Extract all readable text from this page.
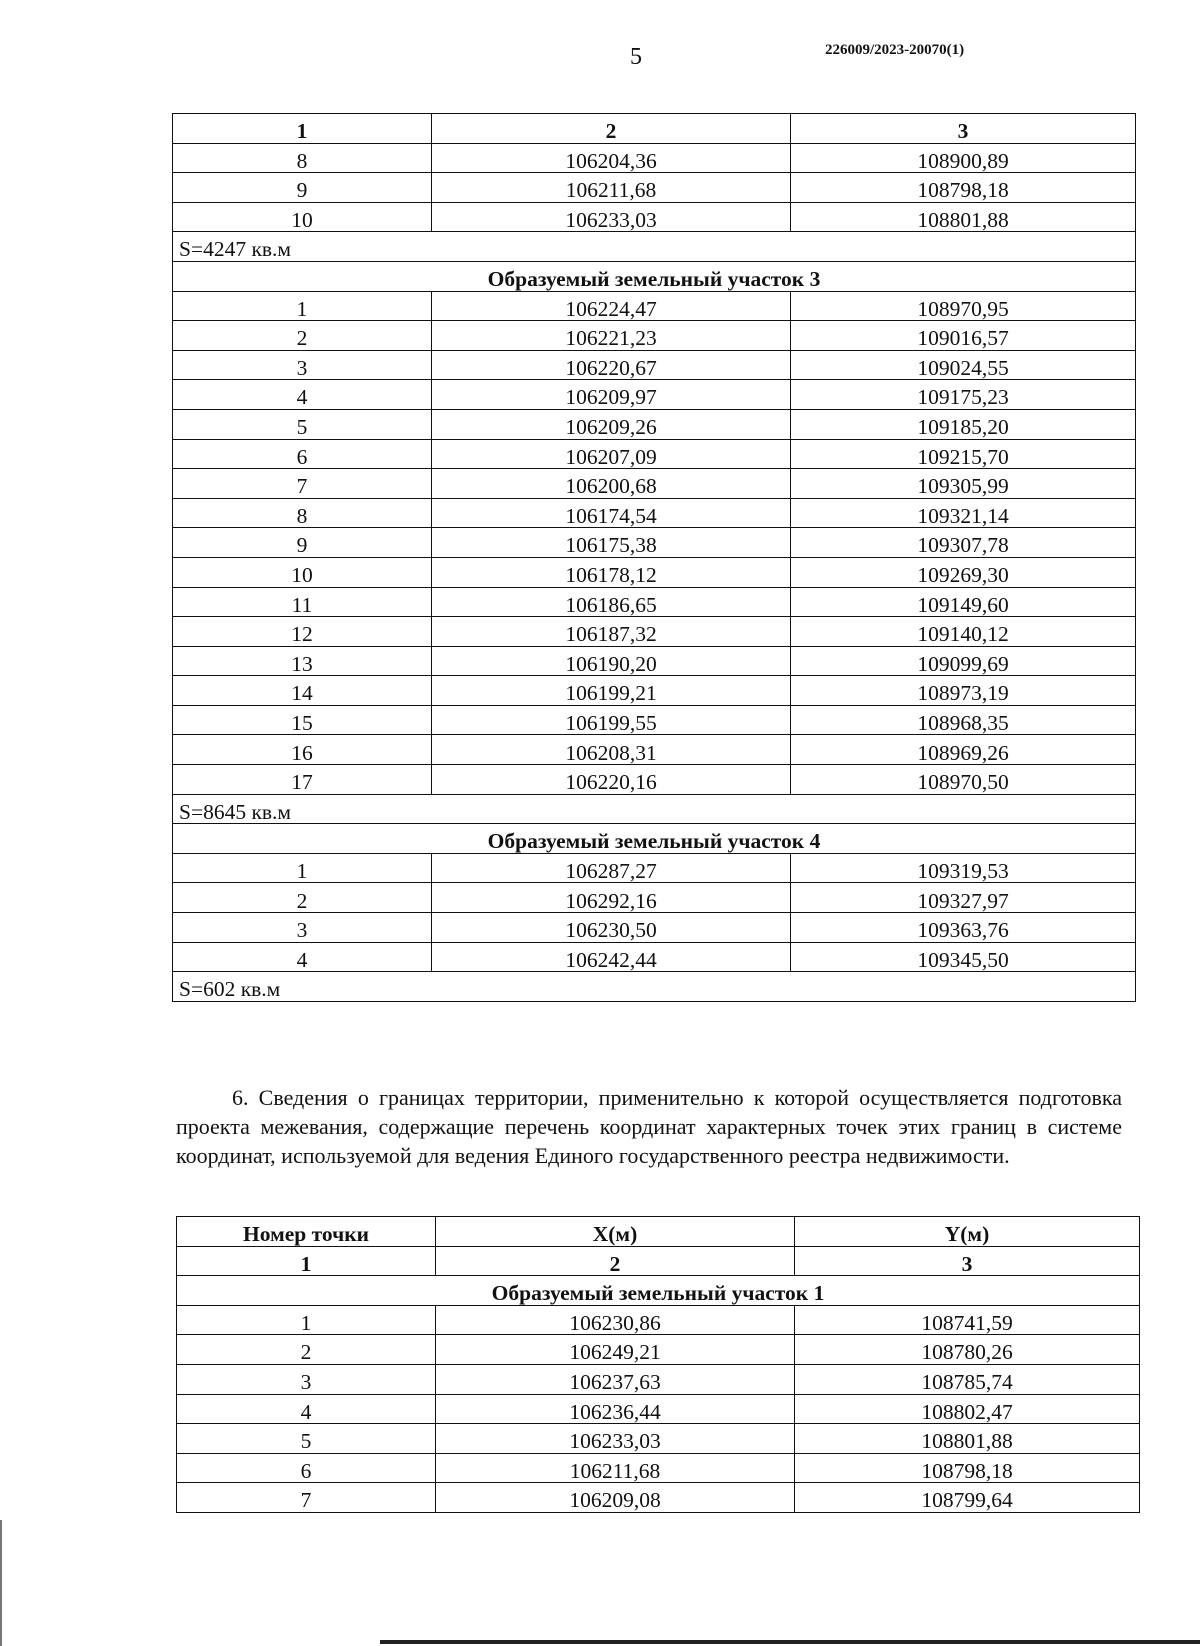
5	226009/2023-20070(1)
1	2	3
8	106204,36	108900,89
9	106211,68	108798,18
10	106233,03	108801,88
S=4247 кв.м		
Образуемый земельный участок 3		
1	106224,47	108970,95
2	106221,23	109016,57
3	106220,67	109024,55
4	106209,97	109175,23
5	106209,26	109185,20
6	106207,09	109215,70
7	106200,68	109305,99
8	106174,54	109321,14
9	106175,38	109307,78
10	106178,12	109269,30
11	106186,65	109149,60
12	106187,32	109140,12
13	106190,20	109099,69
14	106199,21	108973,19
15	106199,55	108968,35
16	106208,31	108969,26
17	106220,16	108970,50
S=8645 кв.м		
Образуемый земельный участок 4		
1	106287,27	109319,53
2	106292,16	109327,97
3	106230,50	109363,76
4	106242,44	109345,50
S=602 кв.м		
6. Сведения о границах территории, применительно к которой осуществляется подготовка проекта межевания, содержащие перечень координат характерных точек этих границ в системе координат, используемой для ведения Единого государственного реестра недвижимости.
Номер точки	X(м)	Y(м)
1	2	3
Образуемый земельный участок 1		
1	106230,86	108741,59
2	106249,21	108780,26
3	106237,63	108785,74
4	106236,44	108802,47
5	106233,03	108801,88
6	106211,68	108798,18
7	106209,08	108799,64
